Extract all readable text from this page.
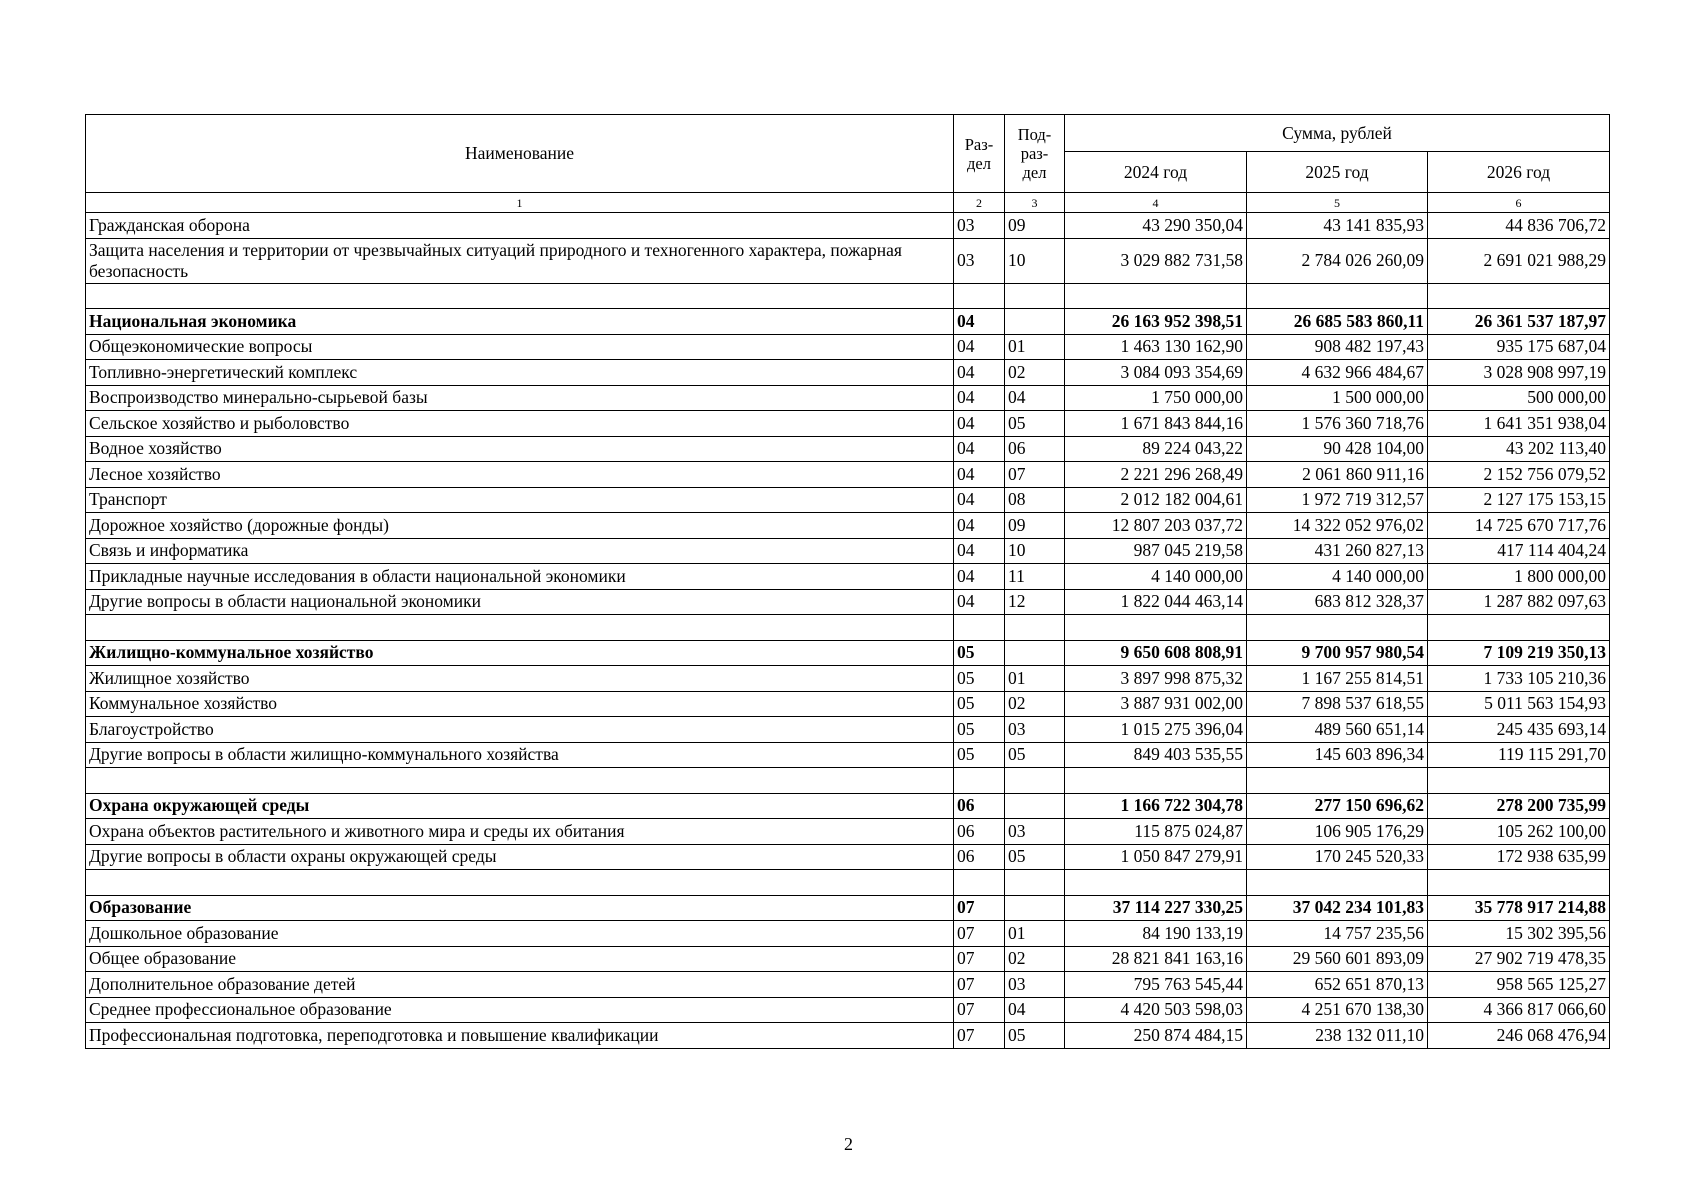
Наименование	Раз- дел	Под- раз- дел	Сумма, рублей		
			2024 год	2025 год	2026 год
1	2	3	4	5	6
Гражданская оборона	03	09	43 290 350,04	43 141 835,93	44 836 706,72
Защита населения и территории от чрезвычайных ситуаций природного и техногенного характера, пожарная безопасность	03	10	3 029 882 731,58	2 784 026 260,09	2 691 021 988,29

Национальная экономика	04		26 163 952 398,51	26 685 583 860,11	26 361 537 187,97
Общеэкономические вопросы	04	01	1 463 130 162,90	908 482 197,43	935 175 687,04
Топливно-энергетический комплекс	04	02	3 084 093 354,69	4 632 966 484,67	3 028 908 997,19
Воспроизводство минерально-сырьевой базы	04	04	1 750 000,00	1 500 000,00	500 000,00
Сельское хозяйство и рыболовство	04	05	1 671 843 844,16	1 576 360 718,76	1 641 351 938,04
Водное хозяйство	04	06	89 224 043,22	90 428 104,00	43 202 113,40
Лесное хозяйство	04	07	2 221 296 268,49	2 061 860 911,16	2 152 756 079,52
Транспорт	04	08	2 012 182 004,61	1 972 719 312,57	2 127 175 153,15
Дорожное хозяйство (дорожные фонды)	04	09	12 807 203 037,72	14 322 052 976,02	14 725 670 717,76
Связь и информатика	04	10	987 045 219,58	431 260 827,13	417 114 404,24
Прикладные научные исследования в области национальной экономики	04	11	4 140 000,00	4 140 000,00	1 800 000,00
Другие вопросы в области национальной экономики	04	12	1 822 044 463,14	683 812 328,37	1 287 882 097,63

Жилищно-коммунальное хозяйство	05		9 650 608 808,91	9 700 957 980,54	7 109 219 350,13
Жилищное хозяйство	05	01	3 897 998 875,32	1 167 255 814,51	1 733 105 210,36
Коммунальное хозяйство	05	02	3 887 931 002,00	7 898 537 618,55	5 011 563 154,93
Благоустройство	05	03	1 015 275 396,04	489 560 651,14	245 435 693,14
Другие вопросы в области жилищно-коммунального хозяйства	05	05	849 403 535,55	145 603 896,34	119 115 291,70

Охрана окружающей среды	06		1 166 722 304,78	277 150 696,62	278 200 735,99
Охрана объектов растительного и животного мира и среды их обитания	06	03	115 875 024,87	106 905 176,29	105 262 100,00
Другие вопросы в области охраны окружающей среды	06	05	1 050 847 279,91	170 245 520,33	172 938 635,99

Образование	07		37 114 227 330,25	37 042 234 101,83	35 778 917 214,88
Дошкольное образование	07	01	84 190 133,19	14 757 235,56	15 302 395,56
Общее образование	07	02	28 821 841 163,16	29 560 601 893,09	27 902 719 478,35
Дополнительное образование детей	07	03	795 763 545,44	652 651 870,13	958 565 125,27
Среднее профессиональное образование	07	04	4 420 503 598,03	4 251 670 138,30	4 366 817 066,60
Профессиональная подготовка, переподготовка и повышение квалификации	07	05	250 874 484,15	238 132 011,10	246 068 476,94
2
